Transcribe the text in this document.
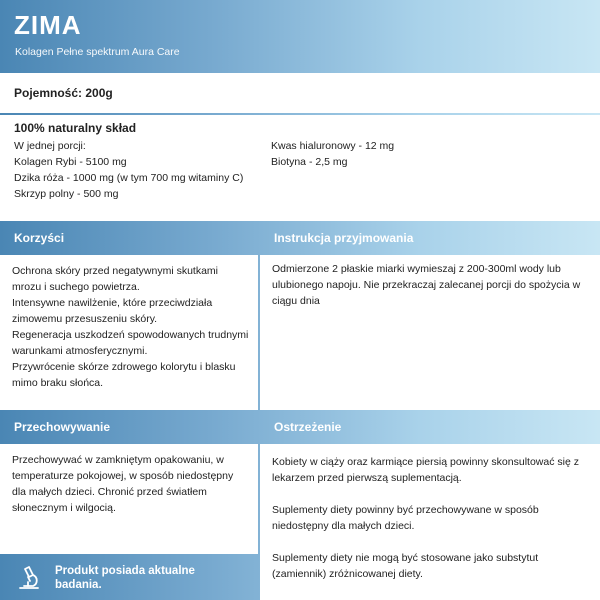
ZIMA
Kolagen Pełne spektrum Aura Care
Pojemność: 200g
100% naturalny skład
W jednej porcji:
Kolagen Rybi - 5100 mg
Dzika róża - 1000 mg (w tym 700 mg witaminy C)
Skrzyp polny - 500 mg
Kwas hialuronowy - 12 mg
Biotyna - 2,5 mg
Korzyści
Ochrona skóry przed negatywnymi skutkami mrozu i suchego powietrza.
Intensywne nawilżenie, które przeciwdziała zimowemu przesuszeniu skóry.
Regeneracja uszkodzeń spowodowanych trudnymi warunkami atmosferycznymi.
Przywrócenie skórze zdrowego kolorytu i blasku mimo braku słońca.
Instrukcja przyjmowania
Odmierzone 2 płaskie miarki wymieszaj z 200-300ml wody lub ulubionego napoju. Nie przekraczaj zalecanej porcji do spożycia w ciągu dnia
Przechowywanie
Przechowywać w zamkniętym opakowaniu, w temperaturze pokojowej, w sposób niedostępny dla małych dzieci. Chronić przed światłem słonecznym i wilgocią.
Ostrzeżenie
Kobiety w ciąży oraz karmiące piersią powinny skonsultować się z lekarzem przed pierwszą suplementacją.
Suplementy diety powinny być przechowywane w sposób niedostępny dla małych dzieci.
Suplementy diety nie mogą być stosowane jako substytut (zamiennik) zróżnicowanej diety.
Produkt posiada aktualne badania.
